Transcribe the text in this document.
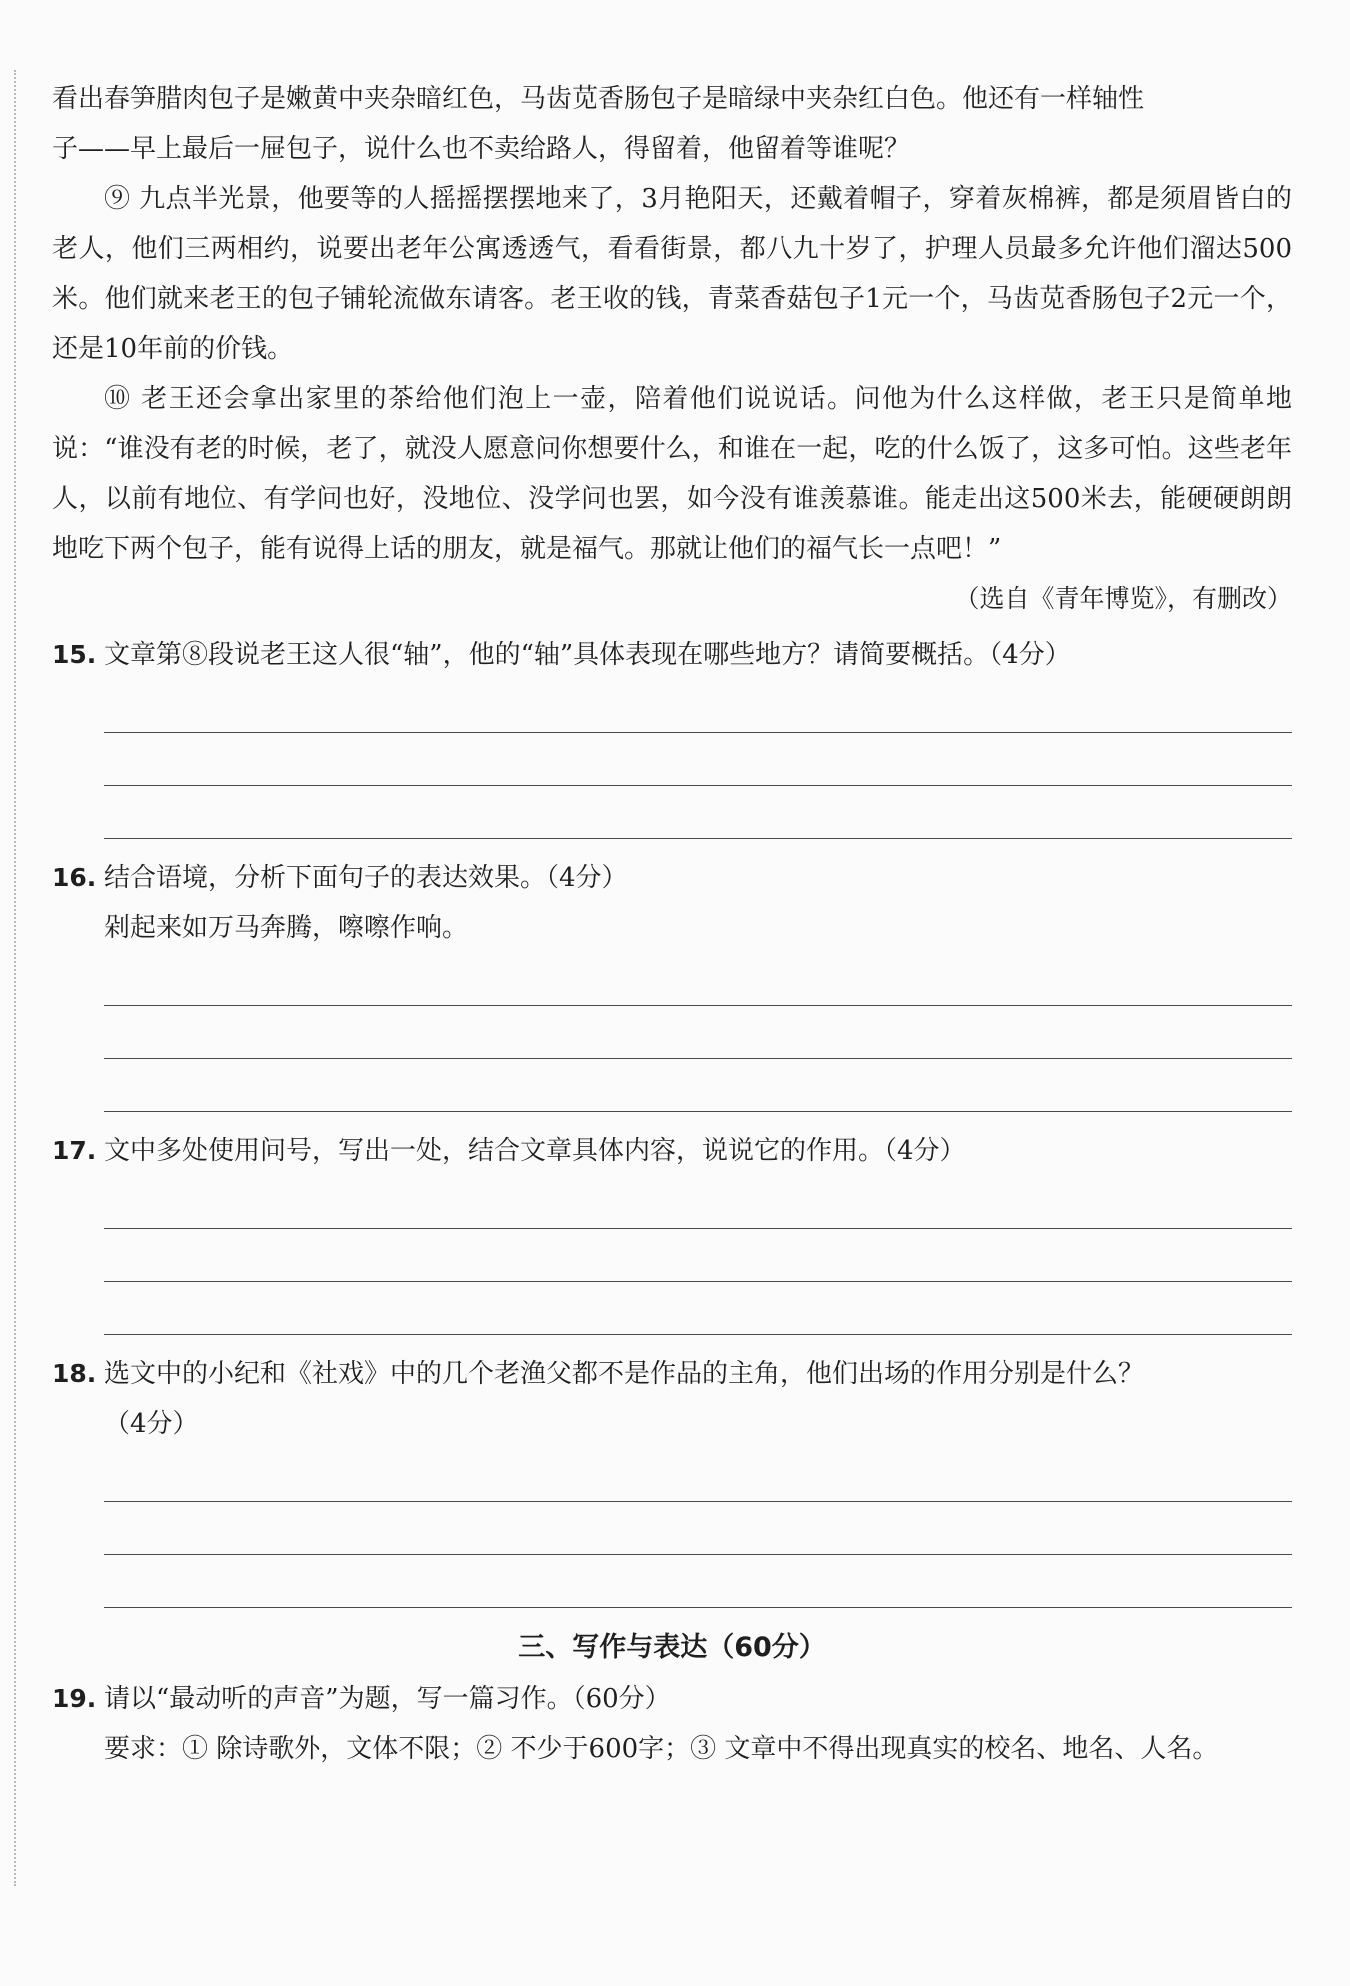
看出春笋腊肉包子是嫩黄中夹杂暗红色，马齿苋香肠包子是暗绿中夹杂红白色。他还有一样轴性
子——早上最后一屉包子，说什么也不卖给路人，得留着，他留着等谁呢？

⑨ 九点半光景，他要等的人摇摇摆摆地来了，3月艳阳天，还戴着帽子，穿着灰棉裤，都是须眉皆白的老人，他们三两相约，说要出老年公寓透透气，看看街景，都八九十岁了，护理人员最多允许他们溜达500米。他们就来老王的包子铺轮流做东请客。老王收的钱，青菜香菇包子1元一个，马齿苋香肠包子2元一个，还是10年前的价钱。

⑩ 老王还会拿出家里的茶给他们泡上一壶，陪着他们说说话。问他为什么这样做，老王只是简单地说：“谁没有老的时候，老了，就没人愿意问你想要什么，和谁在一起，吃的什么饭了，这多可怕。这些老年人，以前有地位、有学问也好，没地位、没学问也罢，如今没有谁羡慕谁。能走出这500米去，能硬硬朗朗地吃下两个包子，能有说得上话的朋友，就是福气。那就让他们的福气长一点吧！”

（选自《青年博览》，有删改）

15. 文章第⑧段说老王这人很“轴”，他的“轴”具体表现在哪些地方？请简要概括。（4分）
16. 结合语境，分析下面句子的表达效果。（4分）
剁起来如万马奔腾，嚓嚓作响。
17. 文中多处使用问号，写出一处，结合文章具体内容，说说它的作用。（4分）
18. 选文中的小纪和《社戏》中的几个老渔父都不是作品的主角，他们出场的作用分别是什么？
（4分）
三、写作与表达（60分）
19. 请以“最动听的声音”为题，写一篇习作。（60分）
要求：① 除诗歌外，文体不限；② 不少于600字；③ 文章中不得出现真实的校名、地名、人名。
